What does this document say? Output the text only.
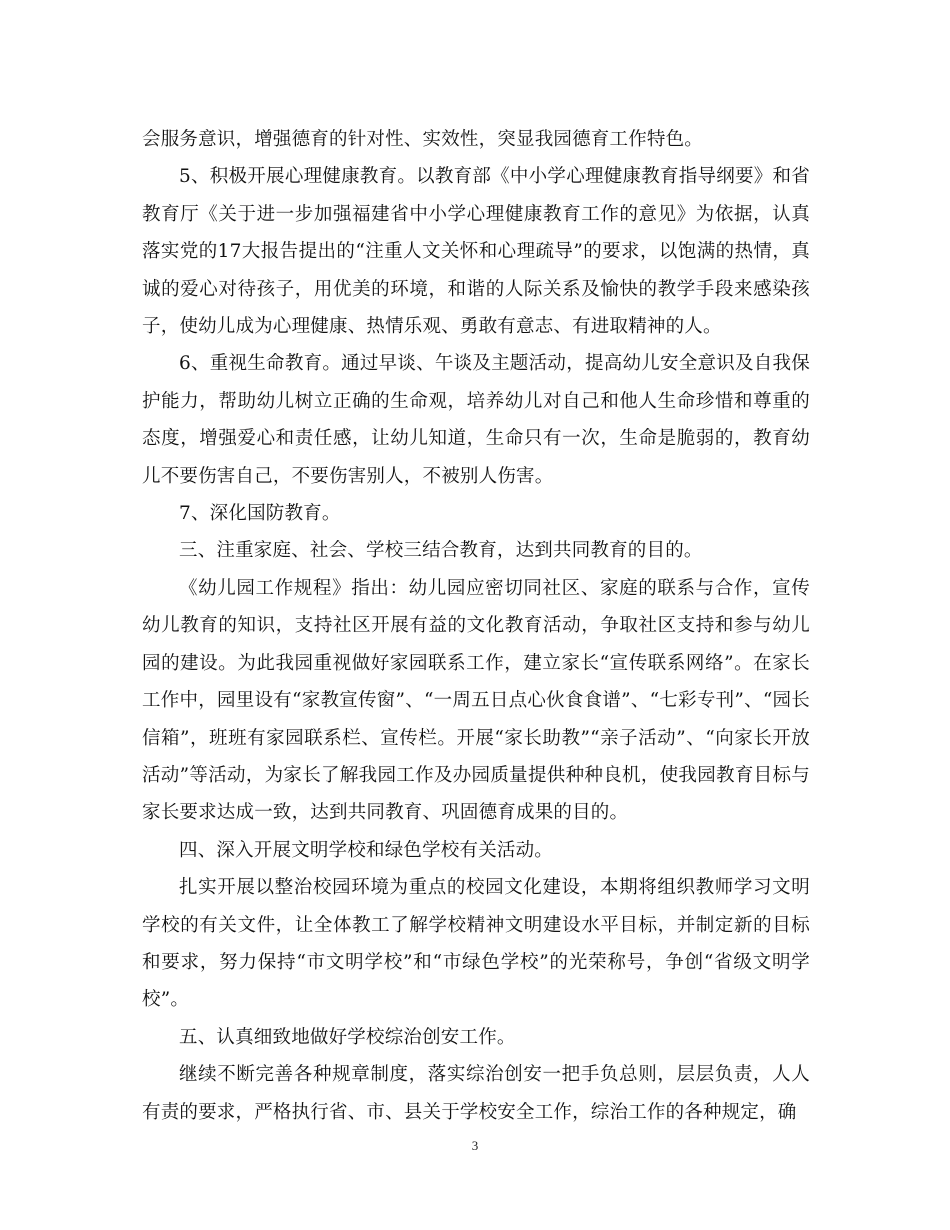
会服务意识，增强德育的针对性、实效性，突显我园德育工作特色。

5、积极开展心理健康教育。以教育部《中小学心理健康教育指导纲要》和省教育厅《关于进一步加强福建省中小学心理健康教育工作的意见》为依据，认真落实党的17大报告提出的“注重人文关怀和心理疏导”的要求，以饱满的热情，真诚的爱心对待孩子，用优美的环境，和谐的人际关系及愉快的教学手段来感染孩子，使幼儿成为心理健康、热情乐观、勇敢有意志、有进取精神的人。

6、重视生命教育。通过早谈、午谈及主题活动，提高幼儿安全意识及自我保护能力，帮助幼儿树立正确的生命观，培养幼儿对自己和他人生命珍惜和尊重的态度，增强爱心和责任感，让幼儿知道，生命只有一次，生命是脆弱的，教育幼儿不要伤害自己，不要伤害别人，不被别人伤害。

7、深化国防教育。

三、注重家庭、社会、学校三结合教育，达到共同教育的目的。

《幼儿园工作规程》指出：幼儿园应密切同社区、家庭的联系与合作，宣传幼儿教育的知识，支持社区开展有益的文化教育活动，争取社区支持和参与幼儿园的建设。为此我园重视做好家园联系工作，建立家长“宣传联系网络”。在家长工作中，园里设有“家教宣传窗”、“一周五日点心伙食食谱”、“七彩专刊”、“园长信箱”，班班有家园联系栏、宣传栏。开展“家长助教”“亲子活动”、“向家长开放活动”等活动，为家长了解我园工作及办园质量提供种种良机，使我园教育目标与家长要求达成一致，达到共同教育、巩固德育成果的目的。

四、深入开展文明学校和绿色学校有关活动。

扎实开展以整治校园环境为重点的校园文化建设，本期将组织教师学习文明学校的有关文件，让全体教工了解学校精神文明建设水平目标，并制定新的目标和要求，努力保持“市文明学校”和“市绿色学校”的光荣称号，争创“省级文明学校”。

五、认真细致地做好学校综治创安工作。

继续不断完善各种规章制度，落实综治创安一把手负总则，层层负责，人人有责的要求，严格执行省、市、县关于学校安全工作，综治工作的各种规定，确

3
